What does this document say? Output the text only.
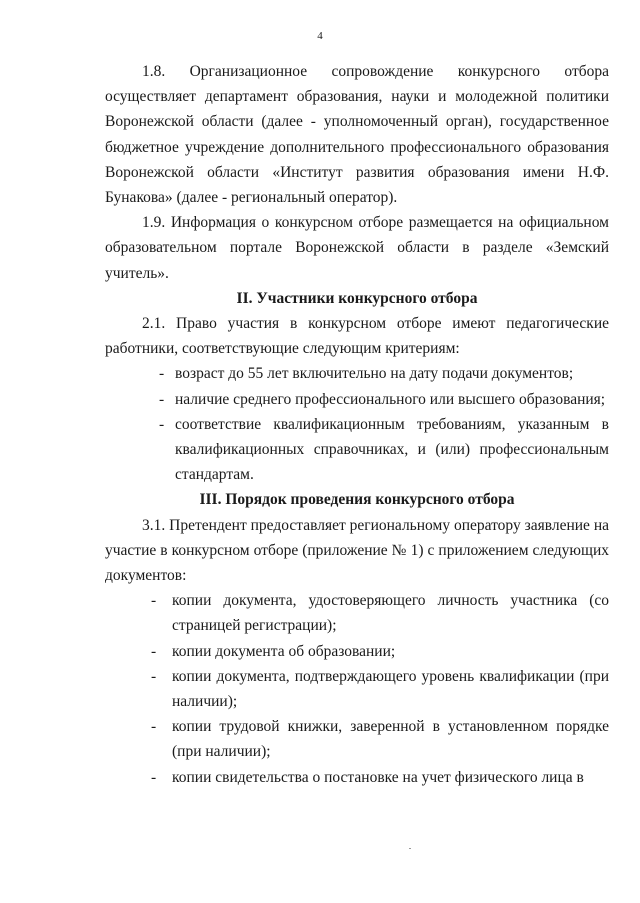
4

1.8. Организационное сопровождение конкурсного отбора осуществляет департамент образования, науки и молодежной политики Воронежской области (далее - уполномоченный орган), государственное бюджетное учреждение дополнительного профессионального образования Воронежской области «Институт развития образования имени Н.Ф. Бунакова» (далее - региональный оператор).

1.9. Информация о конкурсном отборе размещается на официальном образовательном портале Воронежской области в разделе «Земский учитель».

II. Участники конкурсного отбора

2.1. Право участия в конкурсном отборе имеют педагогические работники, соответствующие следующим критериям:

- возраст до 55 лет включительно на дату подачи документов;
- наличие среднего профессионального или высшего образования;
- соответствие квалификационным требованиям, указанным в квалификационных справочниках, и (или) профессиональным стандартам.

III. Порядок проведения конкурсного отбора

3.1. Претендент предоставляет региональному оператору заявление на участие в конкурсном отборе (приложение № 1) с приложением следующих документов:

- копии документа, удостоверяющего личность участника (со страницей регистрации);
- копии документа об образовании;
- копии документа, подтверждающего уровень квалификации (при наличии);
- копии трудовой книжки, заверенной в установленном порядке (при наличии);
- копии свидетельства о постановке на учет физического лица в
